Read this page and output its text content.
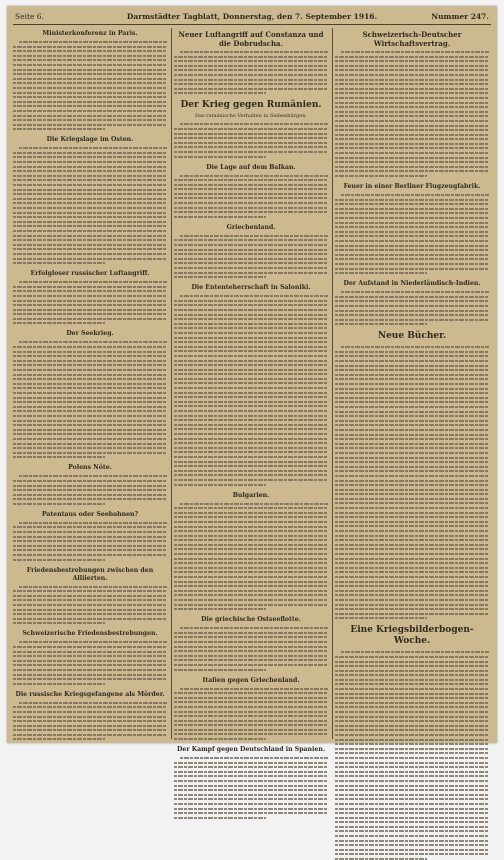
Seite 6.	Darmstädter Tagblatt, Donnerstag, den 7. September 1916.	Nummer 247.
Ministerkonferenz in Paris.
Die Kriegslage im Osten.
Erfolgloser russischer Luftangriff.
Der Seekrieg.
Polens Nöte.
Patentaus oder Seebahnen?
Friedensbestrebungen zwischen den Alliierten.
Schweizerische Friedensbestrebungen.
Die russische Kriegsgefangene als Mörder.
Neuer Luftangriff auf Constanza und die Dobrudscha.
Der Krieg gegen Rumänien.
Das rumänische Verhalten in Siebenbürgen.
Die Lage auf dem Balkan.
Griechenland.
Die Ententeherrschaft in Saloniki.
Bulgarien.
Die griechische Ostseeflotte.
Italien gegen Griechenland.
Der Kampf gegen Deutschland in Spanien.
Schweizerisch-Deutscher Wirtschaftsvertrag.
Feuer in einer Berliner Flugzeugfabrik.
Der Aufstand in Niederländisch-Indien.
Neue Bücher.
Eine Kriegsbilderbogen-Woche.
